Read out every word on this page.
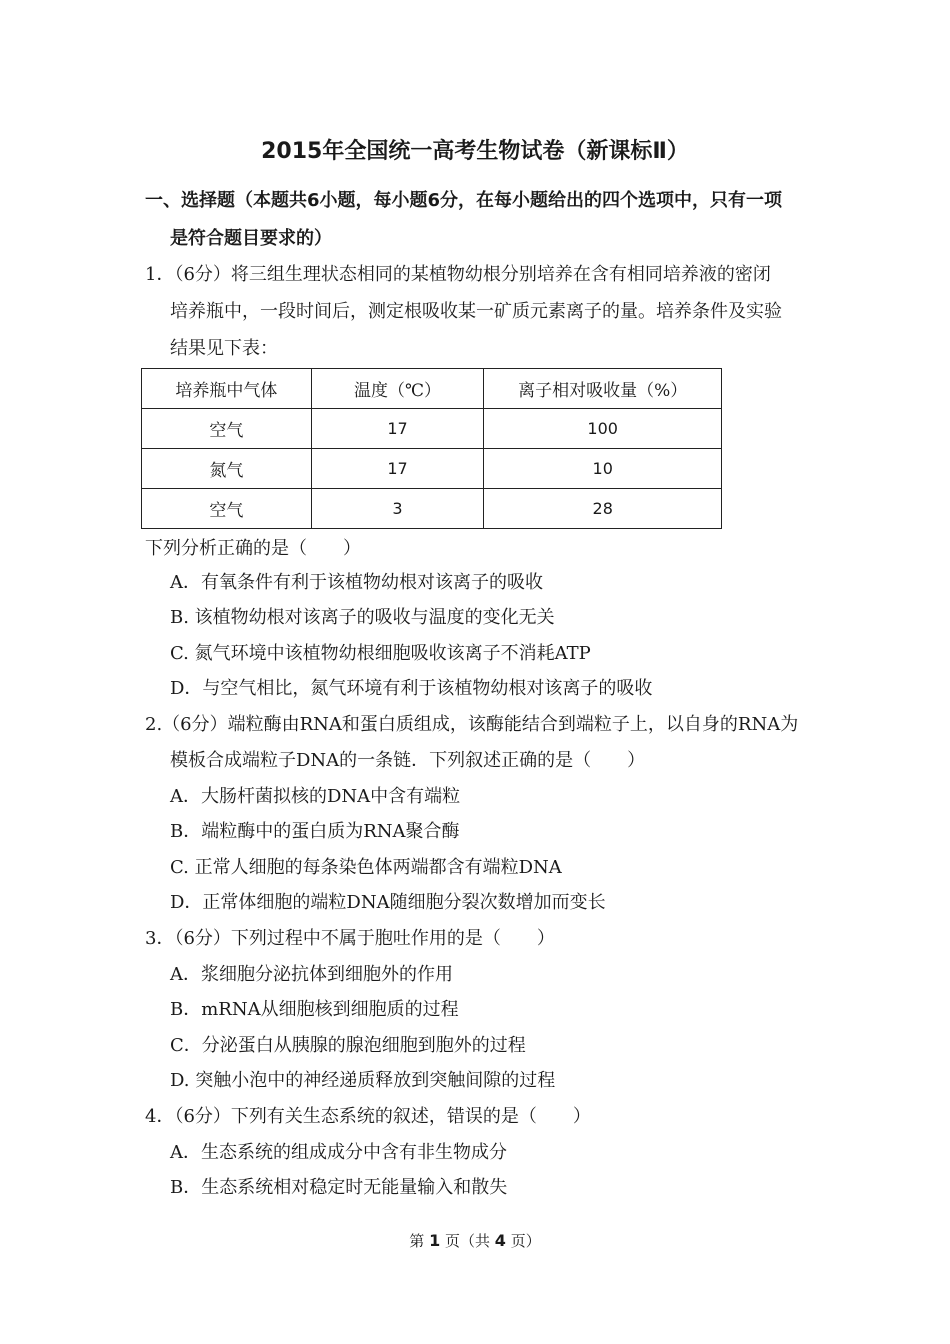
2015年全国统一高考生物试卷（新课标Ⅱ）
一、选择题（本题共6小题，每小题6分，在每小题给出的四个选项中，只有一项
是符合题目要求的）
1．（6分）将三组生理状态相同的某植物幼根分别培养在含有相同培养液的密闭
培养瓶中，一段时间后，测定根吸收某一矿质元素离子的量。培养条件及实验
结果见下表：
培养瓶中气体	温度（℃）	离子相对吸收量（%）
空气	17	100
氮气	17	10
空气	3	28
下列分析正确的是（　　）
A．有氧条件有利于该植物幼根对该离子的吸收
B. 该植物幼根对该离子的吸收与温度的变化无关
C. 氮气环境中该植物幼根细胞吸收该离子不消耗ATP
D．与空气相比，氮气环境有利于该植物幼根对该离子的吸收
2.（6分）端粒酶由RNA和蛋白质组成，该酶能结合到端粒子上，以自身的RNA为
模板合成端粒子DNA的一条链．下列叙述正确的是（　　）
A．大肠杆菌拟核的DNA中含有端粒
B．端粒酶中的蛋白质为RNA聚合酶
C. 正常人细胞的每条染色体两端都含有端粒DNA
D．正常体细胞的端粒DNA随细胞分裂次数增加而变长
3．（6分）下列过程中不属于胞吐作用的是（　　）
A．浆细胞分泌抗体到细胞外的作用
B．mRNA从细胞核到细胞质的过程
C．分泌蛋白从胰腺的腺泡细胞到胞外的过程
D. 突触小泡中的神经递质释放到突触间隙的过程
4．（6分）下列有关生态系统的叙述，错误的是（　　）
A．生态系统的组成成分中含有非生物成分
B．生态系统相对稳定时无能量输入和散失
第 1 页（共 4 页）
